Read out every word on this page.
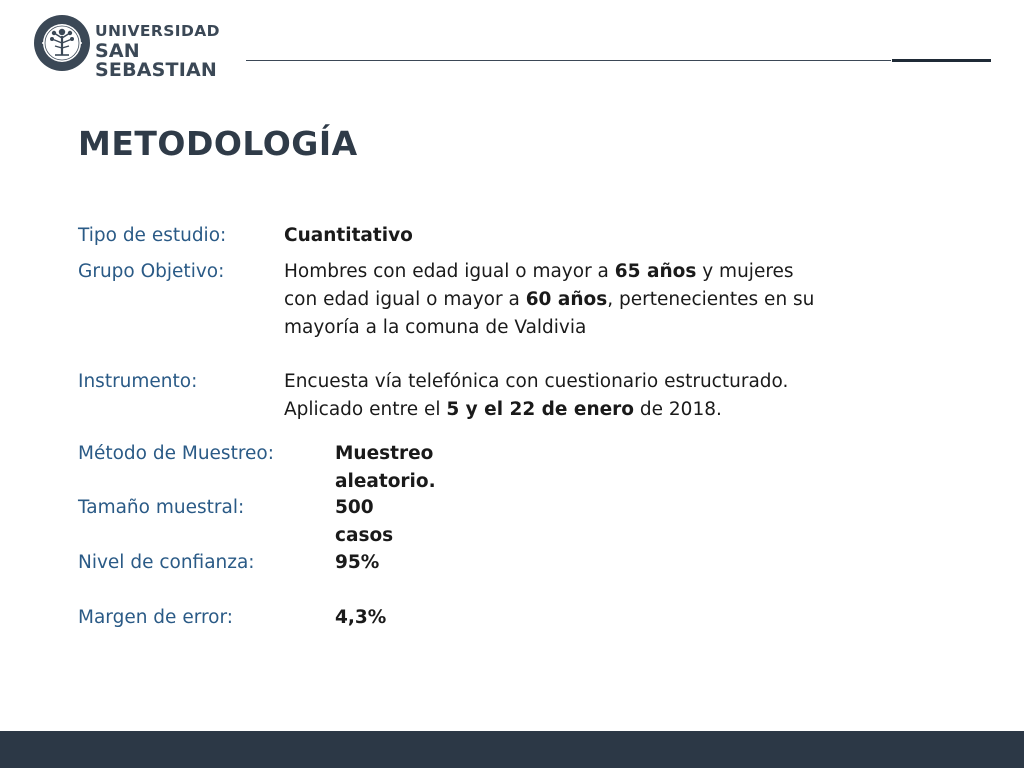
UNIVERSIDAD
SAN SEBASTIAN
METODOLOGÍA
Tipo de estudio:	Cuantitativo
Grupo Objetivo:	Hombres con edad igual o mayor a 65 años y mujeres
con edad igual o mayor a 60 años, pertenecientes en su
mayoría a la comuna de Valdivia
Instrumento:	Encuesta vía telefónica con cuestionario estructurado.
Aplicado entre el 5 y el 22 de enero de 2018.
Método de Muestreo:	Muestreo aleatorio.
Tamaño muestral:	500 casos
Nivel de confianza:	95%
Margen de error:	4,3%
